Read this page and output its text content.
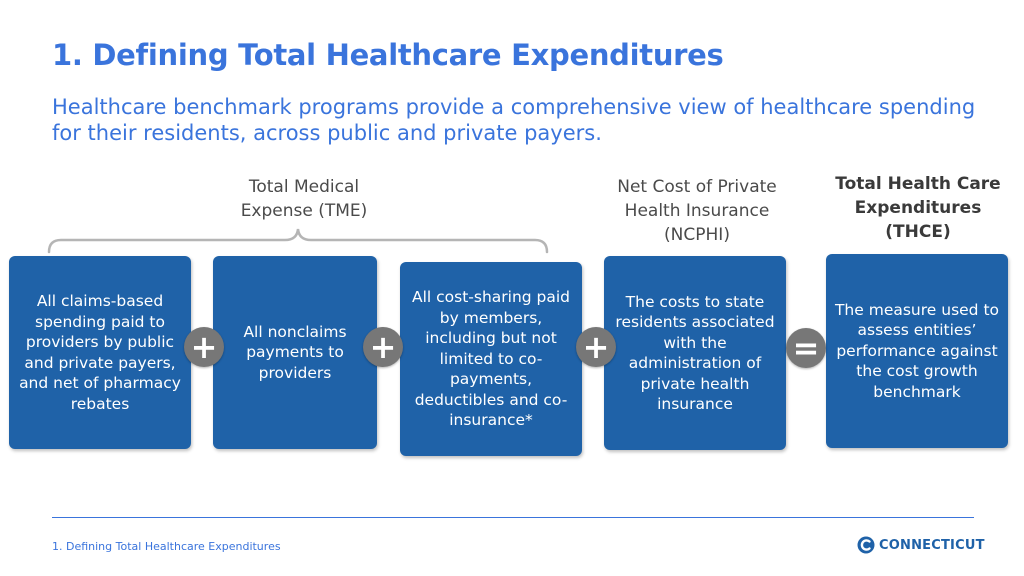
1. Defining Total Healthcare Expenditures

Healthcare benchmark programs provide a comprehensive view of healthcare spending for their residents, across public and private payers.

Total Medical Expense (TME)
Net Cost of Private Health Insurance (NCPHI)
Total Health Care Expenditures (THCE)
All claims-based spending paid to providers by public and private payers, and net of pharmacy rebates
All nonclaims payments to providers
All cost-sharing paid by members, including but not limited to co-payments, deductibles and co-insurance*
The costs to state residents associated with the administration of private health insurance
The measure used to assess entities’ performance against the cost growth benchmark
+	+	+	=
1. Defining Total Healthcare Expenditures	CONNECTICUT
